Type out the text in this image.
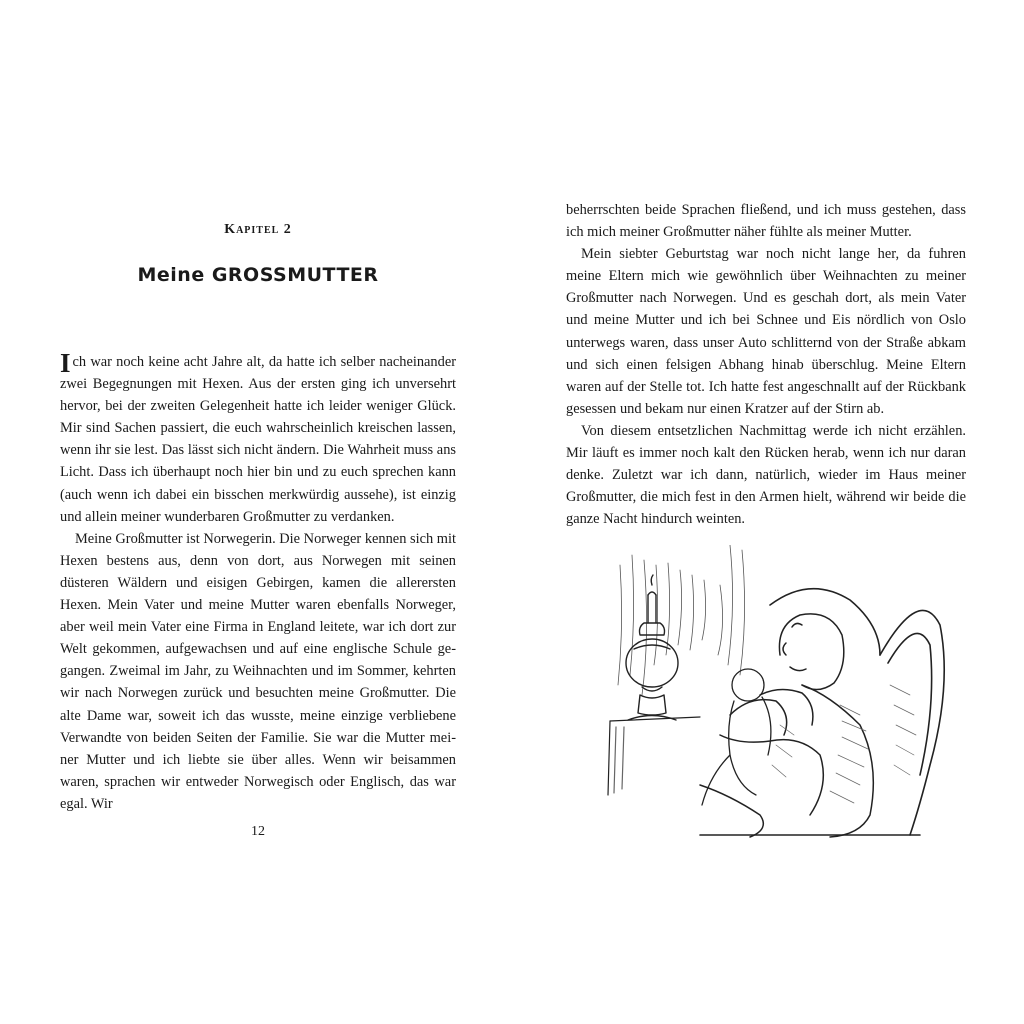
Kapitel 2
Meine GROSSMUTTER

Ich war noch keine acht Jahre alt, da hatte ich selber nacheinander zwei Begegnungen mit Hexen. Aus der ersten ging ich unversehrt hervor, bei der zweiten Gelegenheit hatte ich leider weniger Glück. Mir sind Sachen passiert, die euch wahrscheinlich kreischen lassen, wenn ihr sie lest. Das lässt sich nicht ändern. Die Wahrheit muss ans Licht. Dass ich überhaupt noch hier bin und zu euch sprechen kann (auch wenn ich dabei ein bisschen merkwürdig aussehe), ist einzig und allein meiner wunderbaren Großmutter zu verdanken.

Meine Großmutter ist Norwegerin. Die Norweger kennen sich mit Hexen bestens aus, denn von dort, aus Norwegen mit seinen düsteren Wäldern und eisigen Gebirgen, kamen die allerersten Hexen. Mein Vater und meine Mutter waren ebenfalls Norweger, aber weil mein Vater eine Firma in England leitete, war ich dort zur Welt gekommen, aufgewachsen und auf eine englische Schule gegangen. Zweimal im Jahr, zu Weihnachten und im Sommer, kehrten wir nach Norwegen zurück und besuchten meine Großmutter. Die alte Dame war, soweit ich das wusste, meine einzige verbliebene Verwandte von beiden Seiten der Familie. Sie war die Mutter meiner Mutter und ich liebte sie über alles. Wenn wir beisammen waren, sprachen wir entweder Norwegisch oder Englisch, das war egal. Wir

12

beherrschten beide Sprachen fließend, und ich muss gestehen, dass ich mich meiner Großmutter näher fühlte als meiner Mutter.

Mein siebter Geburtstag war noch nicht lange her, da fuhren meine Eltern mich wie gewöhnlich über Weihnachten zu meiner Großmutter nach Norwegen. Und es geschah dort, als mein Vater und meine Mutter und ich bei Schnee und Eis nördlich von Oslo unterwegs waren, dass unser Auto schlitternd von der Straße abkam und sich einen felsigen Abhang hinab überschlug. Meine Eltern waren auf der Stelle tot. Ich hatte fest angeschnallt auf der Rückbank gesessen und bekam nur einen Kratzer auf der Stirn ab.

Von diesem entsetzlichen Nachmittag werde ich nicht erzählen. Mir läuft es immer noch kalt den Rücken herab, wenn ich nur daran denke. Zuletzt war ich dann, natürlich, wieder im Haus meiner Großmutter, die mich fest in den Armen hielt, während wir beide die ganze Nacht hindurch weinten.
